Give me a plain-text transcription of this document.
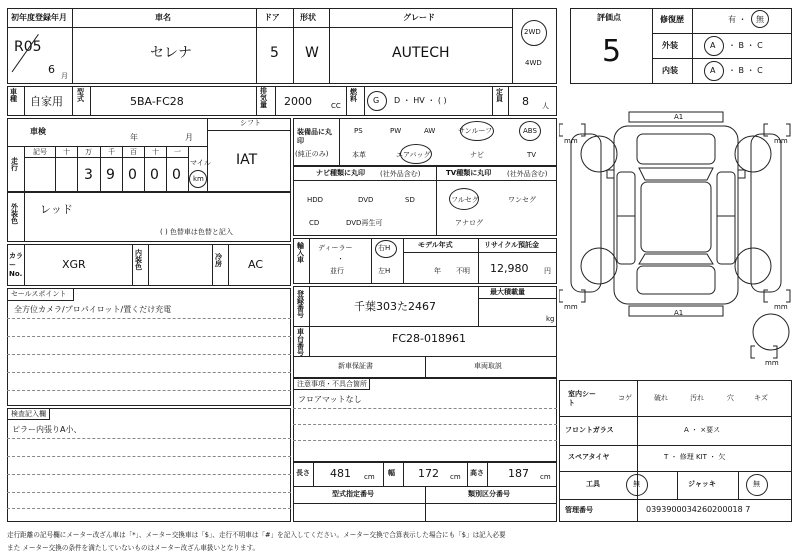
初年度登録年月	車名	ドア	形状	グレード
R05
6 月
セレナ	5 W	AUTECH
2WD
4WD
評価点
5
修復歴	有 ・ 無
外装	A ・ B ・ C
内装	A ・ B ・ C
車種 自家用
型式	5BA-FC28
排気量 2000	CC
燃料	G D ・ HV ・ ( )
定員 8 人
車検
年	月
シフト
IAT
走行
記号 十 万 千 百 十 一
3 9 0 0 0
マイル
km
装備品に丸印
(純正のみ)
PS	PW	AW	サンルーフ	ABS
本革	エアバッグ	ナビ	TV
ナビ種類に丸印 (社外品含む)	TV種類に丸印 (社外品含む)
HDD	DVD	SD
CD	DVD再生可
フルセグ	ワンセグ
アナログ
外装色
レッド
( ) 色替車は色替と記入
カラー No.
XGR
内装色
冷房 AC
輸入車
ディーラー
・
並行
右H
左H
モデル年式
年 不明
リサイクル預託金
12,980 円
セールスポイント
全方位カメラ/プロパイロット/置くだけ充電
登録番号
千葉303た2467
最大積載量
kg
車台番号
FC28-018961
新車保証書	車両取説
注意事項・不具合箇所
フロアマットなし
検査記入欄
ピラー内張りA小、
長さ 481 cm 幅 172 cm 高さ 187 cm
型式指定番号	類別区分番号
室内シート
コゲ	破れ	汚れ	穴	キズ
フロントガラス	A ・ ×要ス
スペアタイヤ	T ・ 修理 KIT ・ 欠
工具	無	ジャッキ	無
管理番号	0393900034260200018 7
A1
A1
mm	mm
mm	mm
mm
走行距離の記号欄にメーター改ざん車は「*」、メーター交換車は「$」、走行不明車は「#」を記入してください。メーター交換で合算表示した場合にも「$」は記入必要
また メーター交換の条件を満たしていないものはメーター改ざん車扱いとなります。
